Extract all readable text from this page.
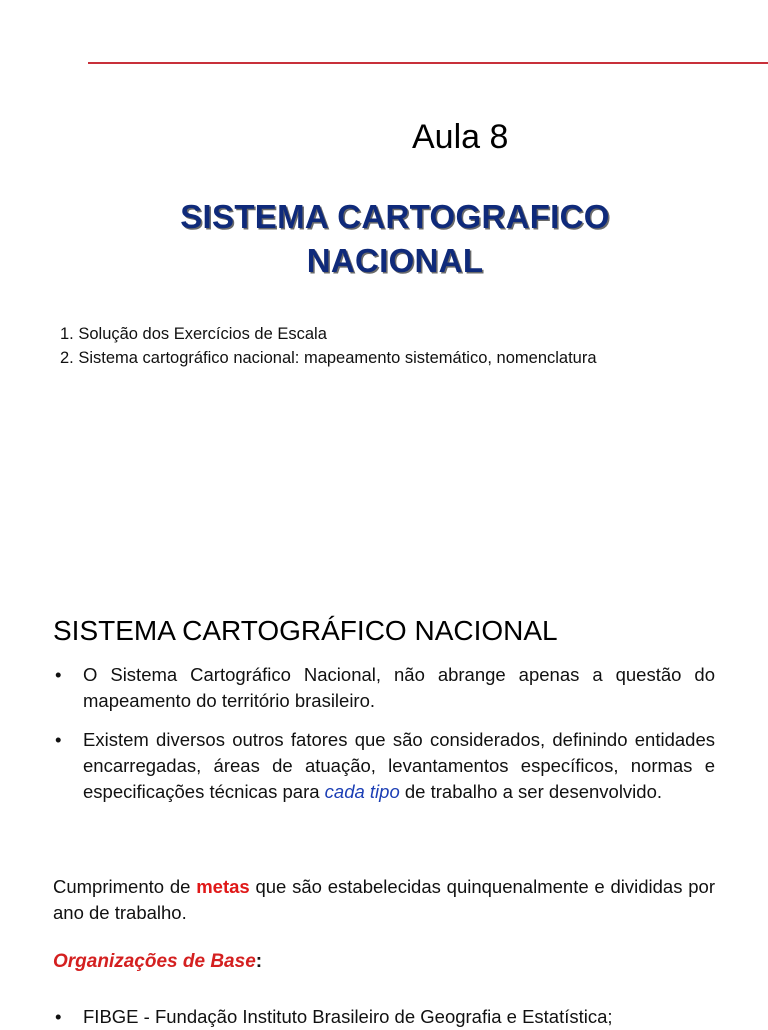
Aula 8
SISTEMA CARTOGRAFICO
NACIONAL
1. Solução dos Exercícios de Escala
2. Sistema cartográfico nacional: mapeamento sistemático, nomenclatura
SISTEMA CARTOGRÁFICO NACIONAL
• O Sistema Cartográfico Nacional, não abrange apenas a questão do mapeamento do território brasileiro.
• Existem diversos outros fatores que são considerados, definindo entidades encarregadas, áreas de atuação, levantamentos específicos, normas e especificações técnicas para cada tipo de trabalho a ser desenvolvido.

Cumprimento de metas que são estabelecidas quinquenalmente e divididas por ano de trabalho.

Organizações de Base:

• FIBGE - Fundação Instituto Brasileiro de Geografia e Estatística;
